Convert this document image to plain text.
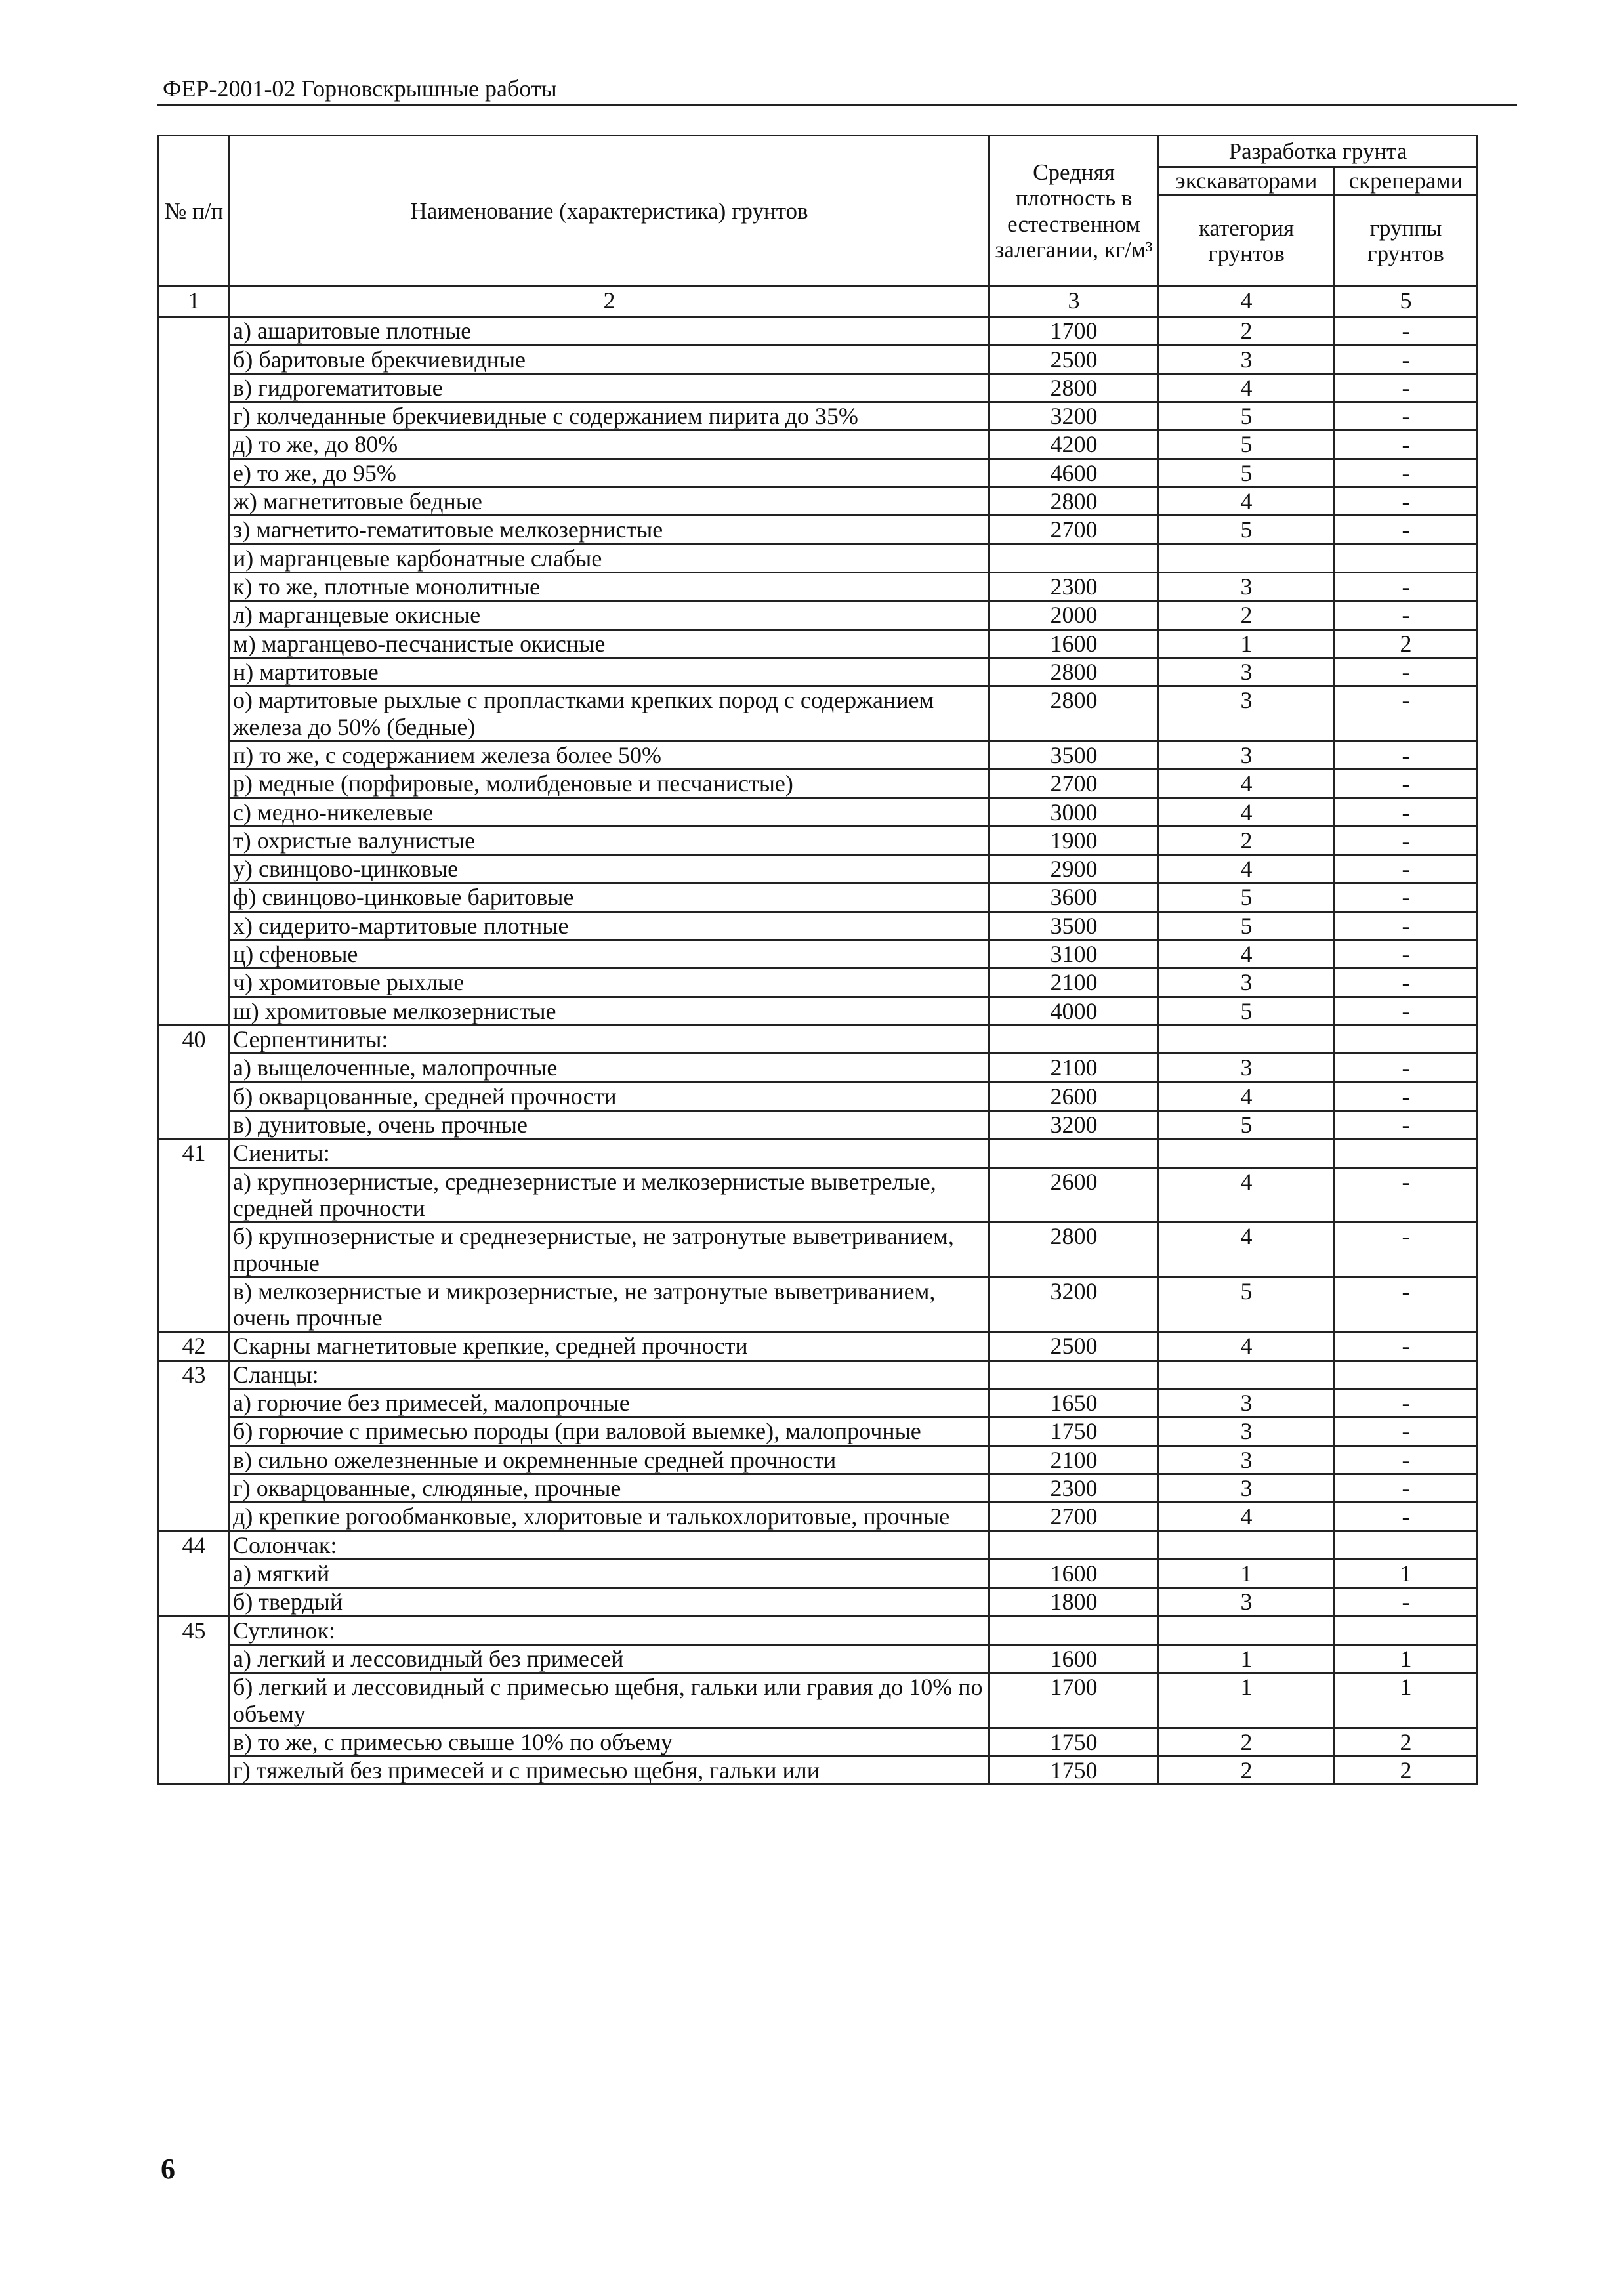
ФЕР-2001-02 Горновскрышные работы
№ п/п	Наименование (характеристика) грунтов	Средняя плотность в естественном залегании, кг/м³	Разработка грунта	
			экскаваторами	скреперами
			категория грунтов	группы грунтов
1	2	3	4	5
	а) ашаритовые плотные	1700	2	-
	б) баритовые брекчиевидные	2500	3	-
	в) гидрогематитовые	2800	4	-
	г) колчеданные брекчиевидные с содержанием пирита до 35%	3200	5	-
	д) то же, до 80%	4200	5	-
	е) то же, до 95%	4600	5	-
	ж) магнетитовые бедные	2800	4	-
	з) магнетито-гематитовые мелкозернистые	2700	5	-
	и) марганцевые карбонатные слабые			
	к) то же, плотные монолитные	2300	3	-
	л) марганцевые окисные	2000	2	-
	м) марганцево-песчанистые окисные	1600	1	2
	н) мартитовые	2800	3	-
	о) мартитовые рыхлые с пропластками крепких пород с содержанием железа до 50% (бедные)	2800	3	-
	п) то же, с содержанием железа более 50%	3500	3	-
	р) медные (порфировые, молибденовые и песчанистые)	2700	4	-
	с) медно-никелевые	3000	4	-
	т) охристые валунистые	1900	2	-
	у) свинцово-цинковые	2900	4	-
	ф) свинцово-цинковые баритовые	3600	5	-
	х) сидерито-мартитовые плотные	3500	5	-
	ц) сфеновые	3100	4	-
	ч) хромитовые рыхлые	2100	3	-
	ш) хромитовые мелкозернистые	4000	5	-
40	Серпентиниты:			
	а) выщелоченные, малопрочные	2100	3	-
	б) окварцованные, средней прочности	2600	4	-
	в) дунитовые, очень прочные	3200	5	-
41	Сиениты:			
	а) крупнозернистые, среднезернистые и мелкозернистые выветрелые, средней прочности	2600	4	-
	б) крупнозернистые и среднезернистые, не затронутые выветриванием, прочные	2800	4	-
	в) мелкозернистые и микрозернистые, не затронутые выветриванием, очень прочные	3200	5	-
42	Скарны магнетитовые крепкие, средней прочности	2500	4	-
43	Сланцы:			
	а) горючие без примесей, малопрочные	1650	3	-
	б) горючие с примесью породы (при валовой выемке), малопрочные	1750	3	-
	в) сильно ожелезненные и окремненные средней прочности	2100	3	-
	г) окварцованные, слюдяные, прочные	2300	3	-
	д) крепкие рогообманковые, хлоритовые и талькохлоритовые, прочные	2700	4	-
44	Солончак:			
	а) мягкий	1600	1	1
	б) твердый	1800	3	-
45	Суглинок:			
	а) легкий и лессовидный без примесей	1600	1	1
	б) легкий и лессовидный с примесью щебня, гальки или гравия до 10% по объему	1700	1	1
	в) то же, с примесью свыше 10% по объему	1750	2	2
	г) тяжелый без примесей и с примесью щебня, гальки или	1750	2	2
6
